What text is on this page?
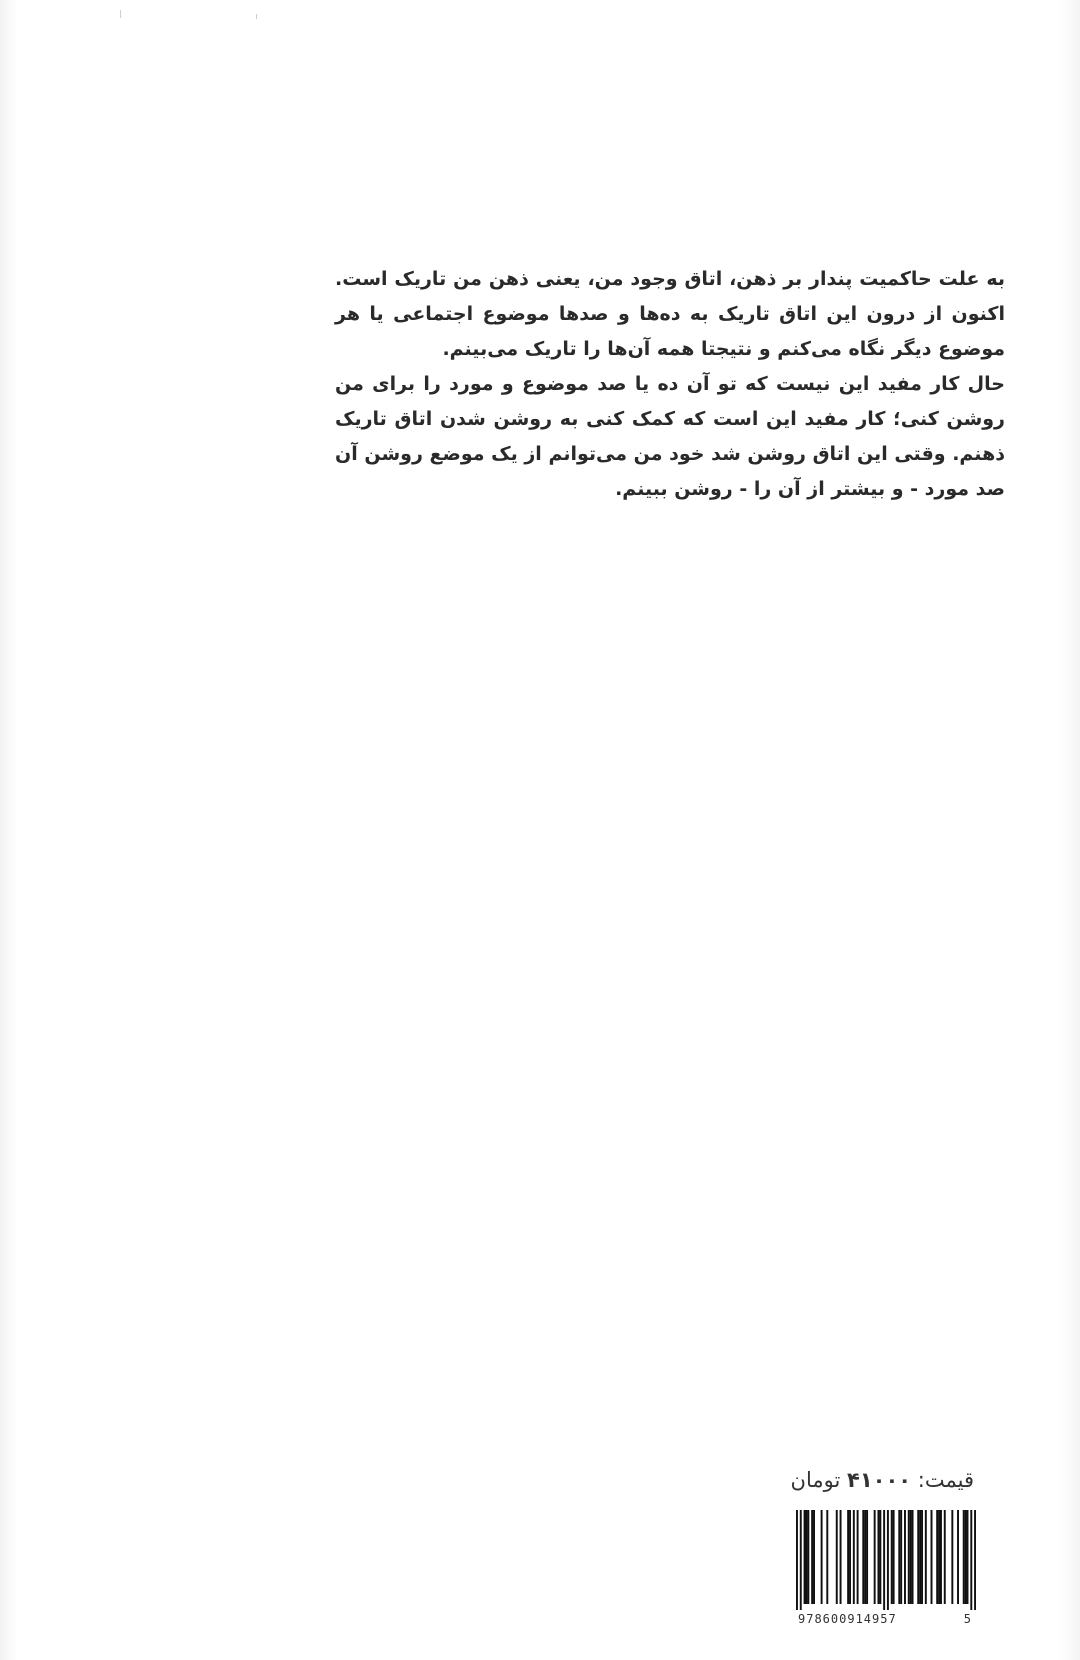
به علت حاکمیت پندار بر ذهن، اتاق وجود من، یعنی ذهن من تاریک است. اکنون از درون این اتاق تاریک به ده‌ها و صدها موضوع اجتماعی یا هر موضوع دیگر نگاه می‌کنم و نتیجتا همه آن‌ها را تاریک می‌بینم.

حال کار مفید این نیست که تو آن ده یا صد موضوع و مورد را برای من روشن کنی؛ کار مفید این است که کمک کنی به روشن شدن اتاق تاریک ذهنم. وقتی این اتاق روشن شد خود من می‌توانم از یک موضع روشن آن صد مورد - و بیشتر از آن را - روشن ببینم.

قیمت: ۴۱۰۰۰ تومان
978600914957	5
